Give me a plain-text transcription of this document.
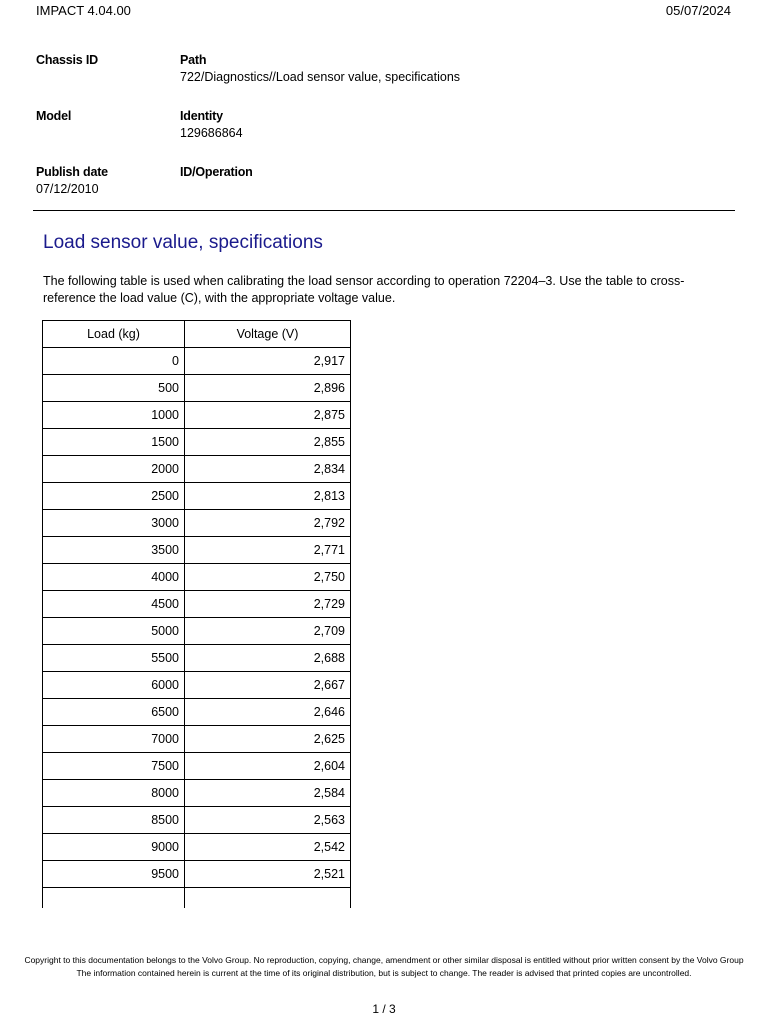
IMPACT 4.04.00	05/07/2024
Chassis ID	Path
722/Diagnostics//Load sensor value, specifications
Model	Identity
129686864
Publish date
07/12/2010
ID/Operation
Load sensor value, specifications

The following table is used when calibrating the load sensor according to operation 72204–3. Use the table to cross-reference the load value (C), with the appropriate voltage value.

Load (kg)	Voltage (V)
0	2,917
500	2,896
1000	2,875
1500	2,855
2000	2,834
2500	2,813
3000	2,792
3500	2,771
4000	2,750
4500	2,729
5000	2,709
5500	2,688
6000	2,667
6500	2,646
7000	2,625
7500	2,604
8000	2,584
8500	2,563
9000	2,542
9500	2,521

Copyright to this documentation belongs to the Volvo Group. No reproduction, copying, change, amendment or other similar disposal is entitled without prior written consent by the Volvo Group
The information contained herein is current at the time of its original distribution, but is subject to change. The reader is advised that printed copies are uncontrolled.
1 / 3
